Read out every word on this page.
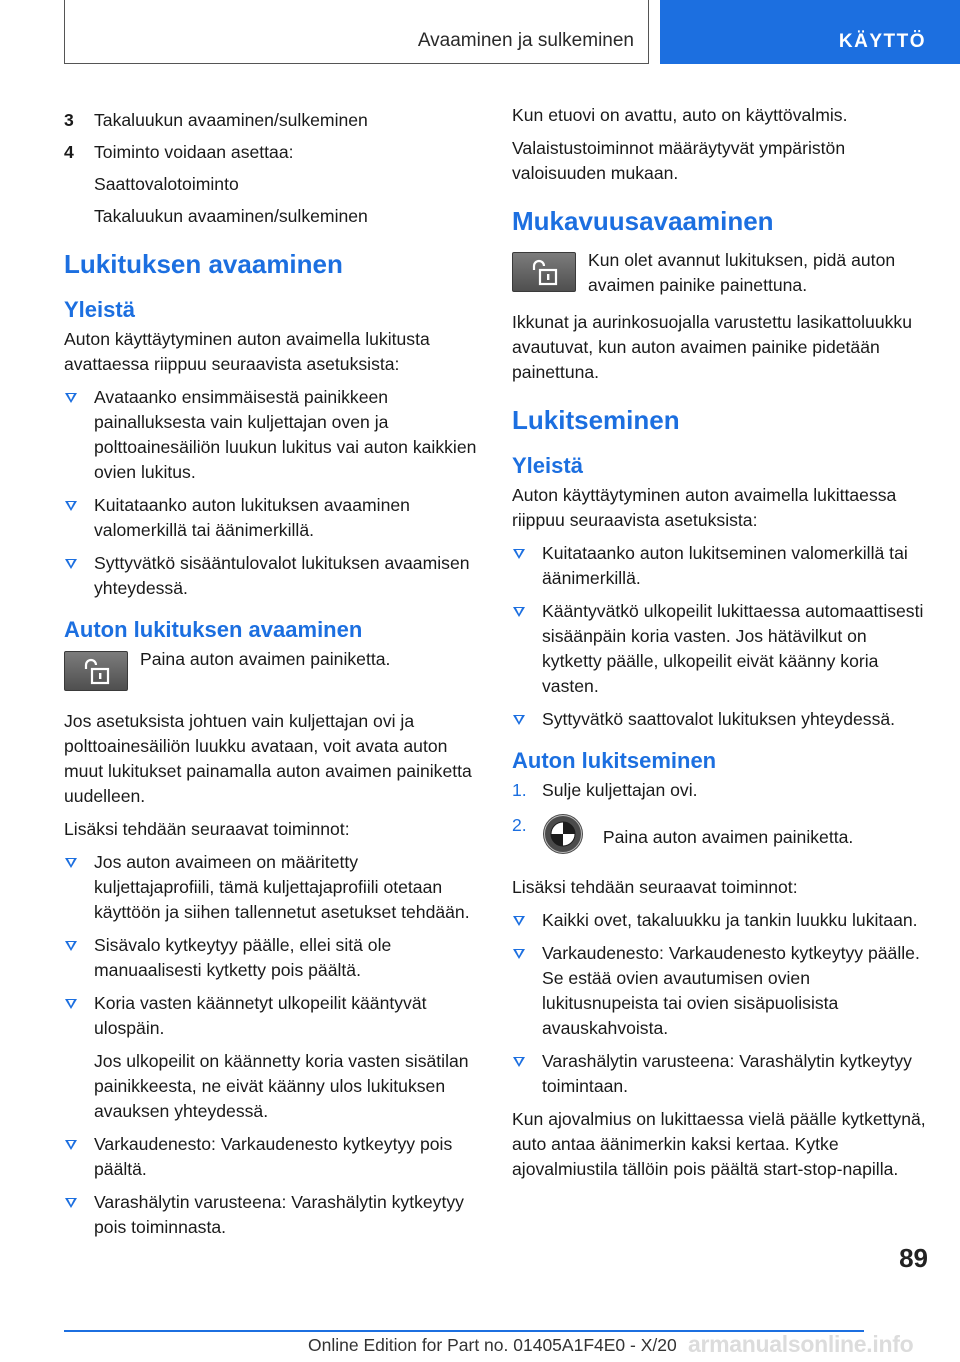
Avaaminen ja sulkeminen	KÄYTTÖ
3 Takaluukun avaaminen/sulkeminen
4 Toiminto voidaan asettaa:
Saattovalotoiminto
Takaluukun avaaminen/sulkeminen
Lukituksen avaaminen
Yleistä

Auton käyttäytyminen auton avaimella lukitusta avattaessa riippuu seuraavista asetuksista:

Avataanko ensimmäisestä painikkeen painalluksesta vain kuljettajan oven ja polttoainesäiliön luukun lukitus vai auton kaikkien ovien lukitus.
Kuitataanko auton lukituksen avaaminen valomerkillä tai äänimerkillä.
Syttyvätkö sisääntulovalot lukituksen avaamisen yhteydessä.
Auton lukituksen avaaminen
Paina auton avaimen painiketta.

Jos asetuksista johtuen vain kuljettajan ovi ja polttoainesäiliön luukku avataan, voit avata auton muut lukitukset painamalla auton avaimen painiketta uudelleen.

Lisäksi tehdään seuraavat toiminnot:

Jos auton avaimeen on määritetty kuljettajaprofiili, tämä kuljettajaprofiili otetaan käyttöön ja siihen tallennetut asetukset tehdään.
Sisävalo kytkeytyy päälle, ellei sitä ole manuaalisesti kytketty pois päältä.
Koria vasten käännetyt ulkopeilit kääntyvät ulospäin.
Jos ulkopeilit on käännetty koria vasten sisätilan painikkeesta, ne eivät käänny ulos lukituksen avauksen yhteydessä.
Varkaudenesto: Varkaudenesto kytkeytyy pois päältä.
Varashälytin varusteena: Varashälytin kytkeytyy pois toiminnasta.

Kun etuovi on avattu, auto on käyttövalmis.

Valaistustoiminnot määräytyvät ympäristön valoisuuden mukaan.

Mukavuusavaaminen
Kun olet avannut lukituksen, pidä auton avaimen painike painettuna.

Ikkunat ja aurinkosuojalla varustettu lasikattoluukku avautuvat, kun auton avaimen painike pidetään painettuna.

Lukitseminen
Yleistä

Auton käyttäytyminen auton avaimella lukittaessa riippuu seuraavista asetuksista:

Kuitataanko auton lukitseminen valomerkillä tai äänimerkillä.
Kääntyvätkö ulkopeilit lukittaessa automaattisesti sisäänpäin koria vasten. Jos hätävilkut on kytketty päälle, ulkopeilit eivät käänny koria vasten.
Syttyvätkö saattovalot lukituksen yhteydessä.
Auton lukitseminen
1. Sulje kuljettajan ovi.
2.
Paina auton avaimen painiketta.

Lisäksi tehdään seuraavat toiminnot:

Kaikki ovet, takaluukku ja tankin luukku lukitaan.
Varkaudenesto: Varkaudenesto kytkeytyy päälle. Se estää ovien avautumisen ovien lukitusnupeista tai ovien sisäpuolisista avauskahvoista.
Varashälytin varusteena: Varashälytin kytkeytyy toimintaan.

Kun ajovalmius on lukittaessa vielä päälle kytkettynä, auto antaa äänimerkin kaksi kertaa. Kytke ajovalmiustila tällöin pois päältä start-stop-napilla.

89
Online Edition for Part no. 01405A1F4E0 - X/20 armanualsonline.info
